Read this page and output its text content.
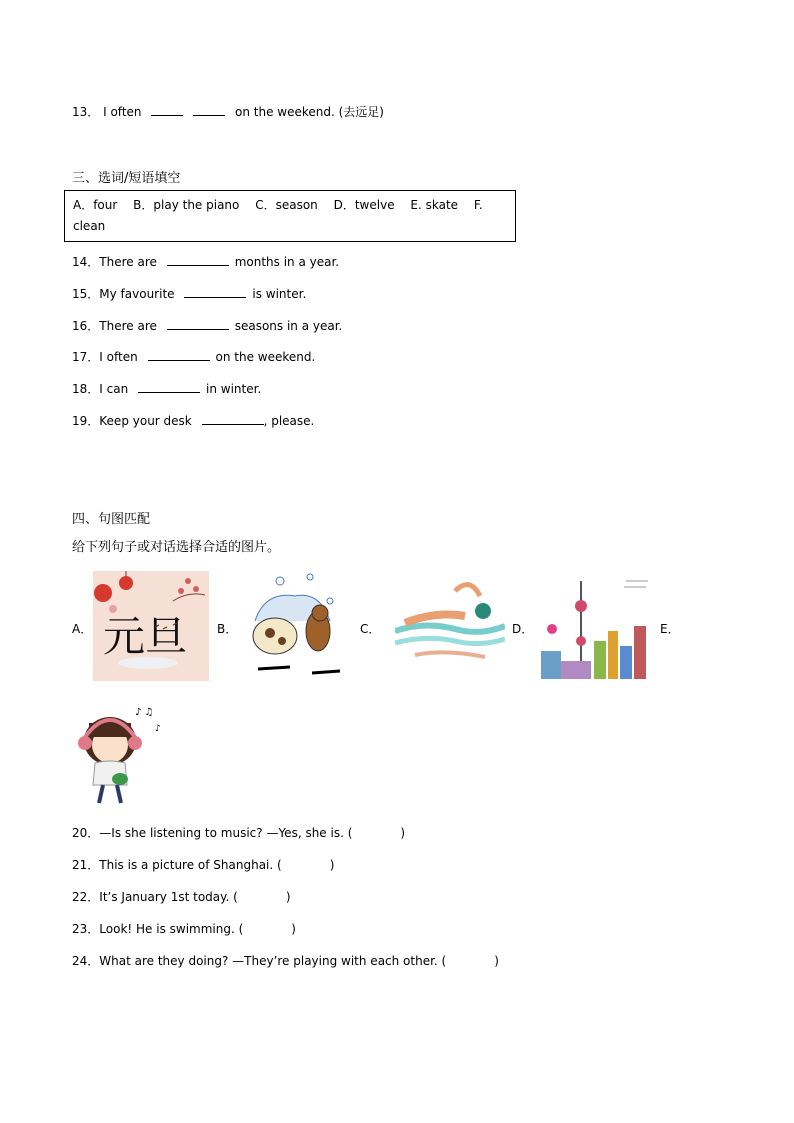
13． I often	on the weekend. (去远足)
三、选词/短语填空
A．four B．play the piano C．season D．twelve E. skate F.
clean
14．There are	months in a year.
15．My favourite	is winter.
16．There are	seasons in a year.
17．I often	on the weekend.
18．I can	in winter.
19．Keep your desk	, please.
四、句图匹配
给下列句子或对话选择合适的图片。
A．	B．	C．	D．	E．
元旦
♪ ♫
♪
20．—Is she listening to music? —Yes, she is. (	)
21．This is a picture of Shanghai. (	)
22．It’s January 1st today. (	)
23．Look! He is swimming. (	)
24．What are they doing? —They’re playing with each other. (	)
